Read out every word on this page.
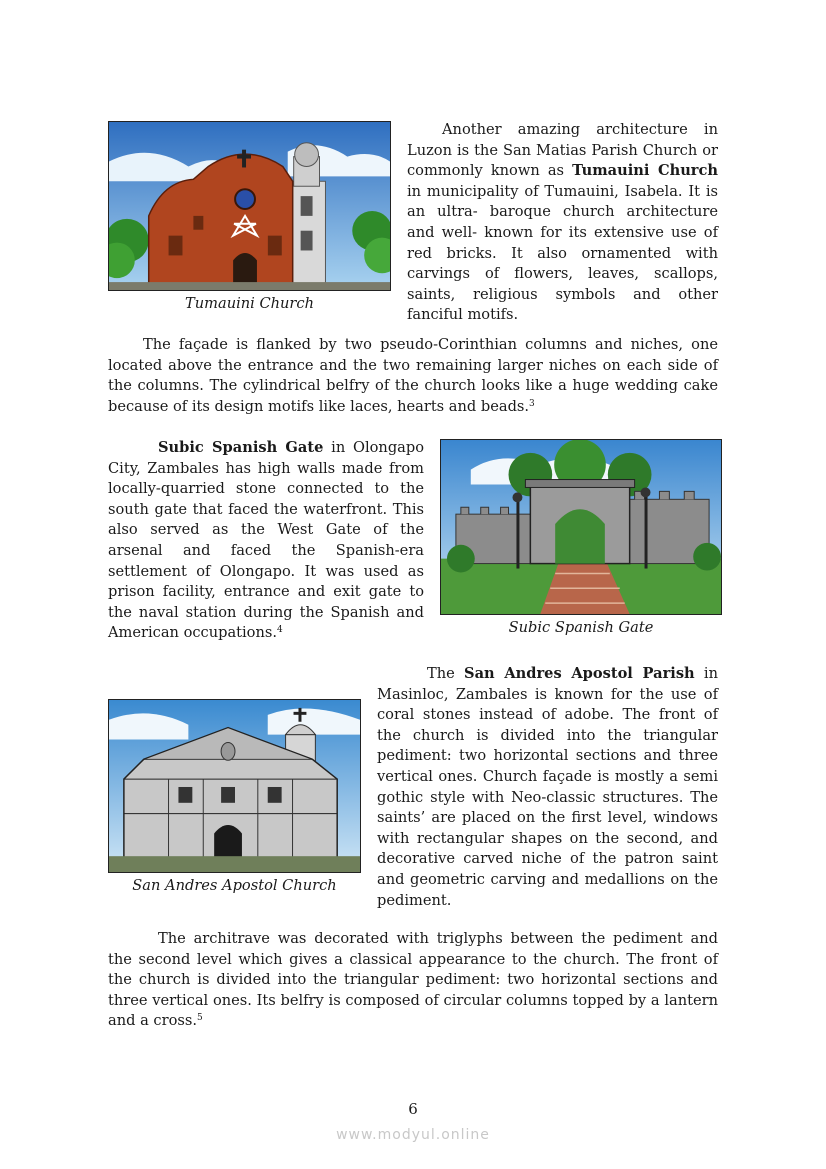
Tumauini Church

Another amazing architecture in Luzon is the San Matias Parish Church or commonly known as Tumauini Church in municipality of Tumauini, Isabela. It is an ultra- baroque church architecture and well- known for its extensive use of red bricks. It also ornamented with carvings of flowers, leaves, scallops, saints, religious symbols and other fanciful motifs.

The façade is flanked by two pseudo-Corinthian columns and niches, one located above the entrance and the two remaining larger niches on each side of the columns. The cylindrical belfry of the church looks like a huge wedding cake because of its design motifs like laces, hearts and beads.$^3$

Subic Spanish Gate in Olongapo City, Zambales has high walls made from locally-quarried stone connected to the south gate that faced the waterfront. This also served as the West Gate of the arsenal and faced the Spanish-era settlement of Olongapo. It was used as prison facility, entrance and exit gate to the naval station during the Spanish and American occupations.$^4$	Subic Spanish Gate

The San Andres Apostol Parish in Masinloc, Zambales is known for the use of coral stones instead of adobe. The front of the church is divided into the triangular pediment: two horizontal sections and three vertical ones. Church façade is mostly a semi gothic style with Neo-classic structures. The saints’ are placed on the first level, windows with rectangular shapes on the second, and decorative carved niche of the patron saint and geometric carving and medallions on the pediment.

San Andres Apostol Church

The architrave was decorated with triglyphs between the pediment and the second level which gives a classical appearance to the church. The front of the church is divided into the triangular pediment: two horizontal sections and three vertical ones. Its belfry is composed of circular columns topped by a lantern and a cross.$^5$

6
www.modyul.online
